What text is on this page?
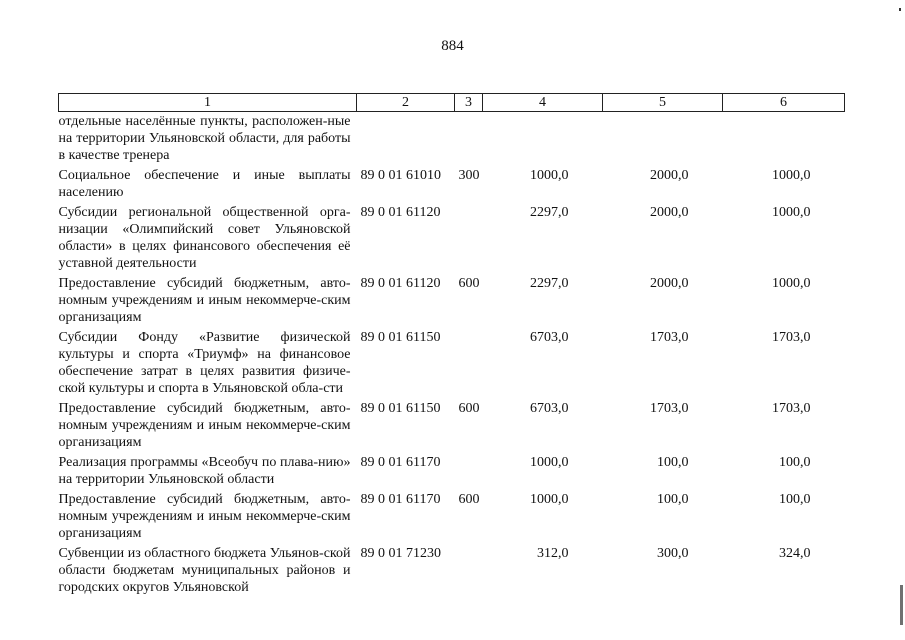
884
1	2	3	4	5	6
отдельные населённые пункты, расположен-ные на территории Ульяновской области, для работы в качестве тренера					
Социальное обеспечение и иные выплаты населению	89 0 01 61010	300	1000,0	2000,0	1000,0
Субсидии региональной общественной орга-низации «Олимпийский совет Ульяновской области» в целях финансового обеспечения её уставной деятельности	89 0 01 61120		2297,0	2000,0	1000,0
Предоставление субсидий бюджетным, авто-номным учреждениям и иным некоммерче-ским организациям	89 0 01 61120	600	2297,0	2000,0	1000,0
Субсидии Фонду «Развитие физической культуры и спорта «Триумф» на финансовое обеспечение затрат в целях развития физиче-ской культуры и спорта в Ульяновской обла-сти	89 0 01 61150		6703,0	1703,0	1703,0
Предоставление субсидий бюджетным, авто-номным учреждениям и иным некоммерче-ским организациям	89 0 01 61150	600	6703,0	1703,0	1703,0
Реализация программы «Всеобуч по плава-нию» на территории Ульяновской области	89 0 01 61170		1000,0	100,0	100,0
Предоставление субсидий бюджетным, авто-номным учреждениям и иным некоммерче-ским организациям	89 0 01 61170	600	1000,0	100,0	100,0
Субвенции из областного бюджета Ульянов-ской области бюджетам муниципальных районов и городских округов Ульяновской	89 0 01 71230		312,0	300,0	324,0
